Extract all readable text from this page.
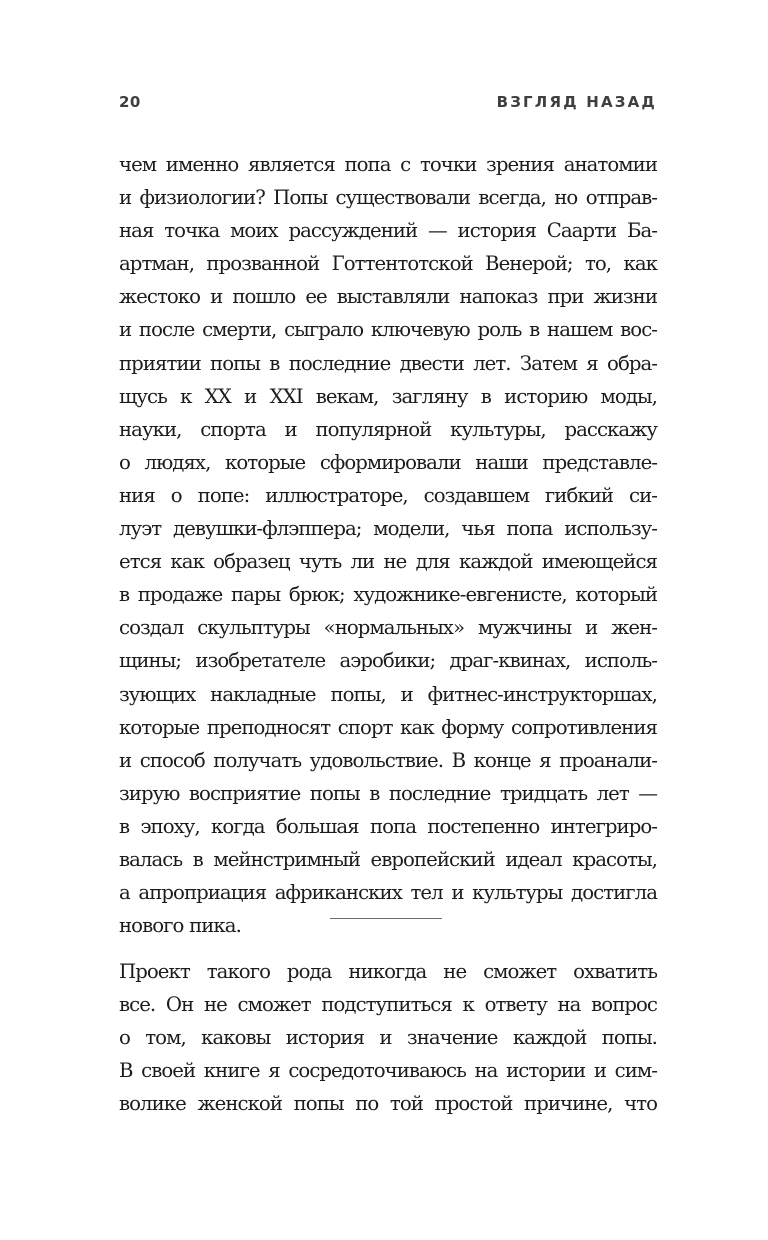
20	ВЗГЛЯД НАЗАД
чем именно является попа с точки зрения анатомии
и физиологии? Попы существовали всегда, но отправ-
ная точка моих рассуждений — история Саарти Ба-
артман, прозванной Готтентотской Венерой; то, как
жестоко и пошло ее выставляли напоказ при жизни
и после смерти, сыграло ключевую роль в нашем вос-
приятии попы в последние двести лет. Затем я обра-
щусь к XX и XXI векам, загляну в историю моды,
науки, спорта и популярной культуры, расскажу
о людях, которые сформировали наши представле-
ния о попе: иллюстраторе, создавшем гибкий си-
луэт девушки-флэппера; модели, чья попа использу-
ется как образец чуть ли не для каждой имеющейся
в продаже пары брюк; художнике-евгенисте, который
создал скульптуры «нормальных» мужчины и жен-
щины; изобретателе аэробики; драг-квинах, исполь-
зующих накладные попы, и фитнес-инструкторшах,
которые преподносят спорт как форму сопротивления
и способ получать удовольствие. В конце я проанали-
зирую восприятие попы в последние тридцать лет —
в эпоху, когда большая попа постепенно интегриро-
валась в мейнстримный европейский идеал красоты,
а апроприация африканских тел и культуры достигла
нового пика.
Проект такого рода никогда не сможет охватить
все. Он не сможет подступиться к ответу на вопрос
о том, каковы история и значение каждой попы.
В своей книге я сосредоточиваюсь на истории и сим-
волике женской попы по той простой причине, что
